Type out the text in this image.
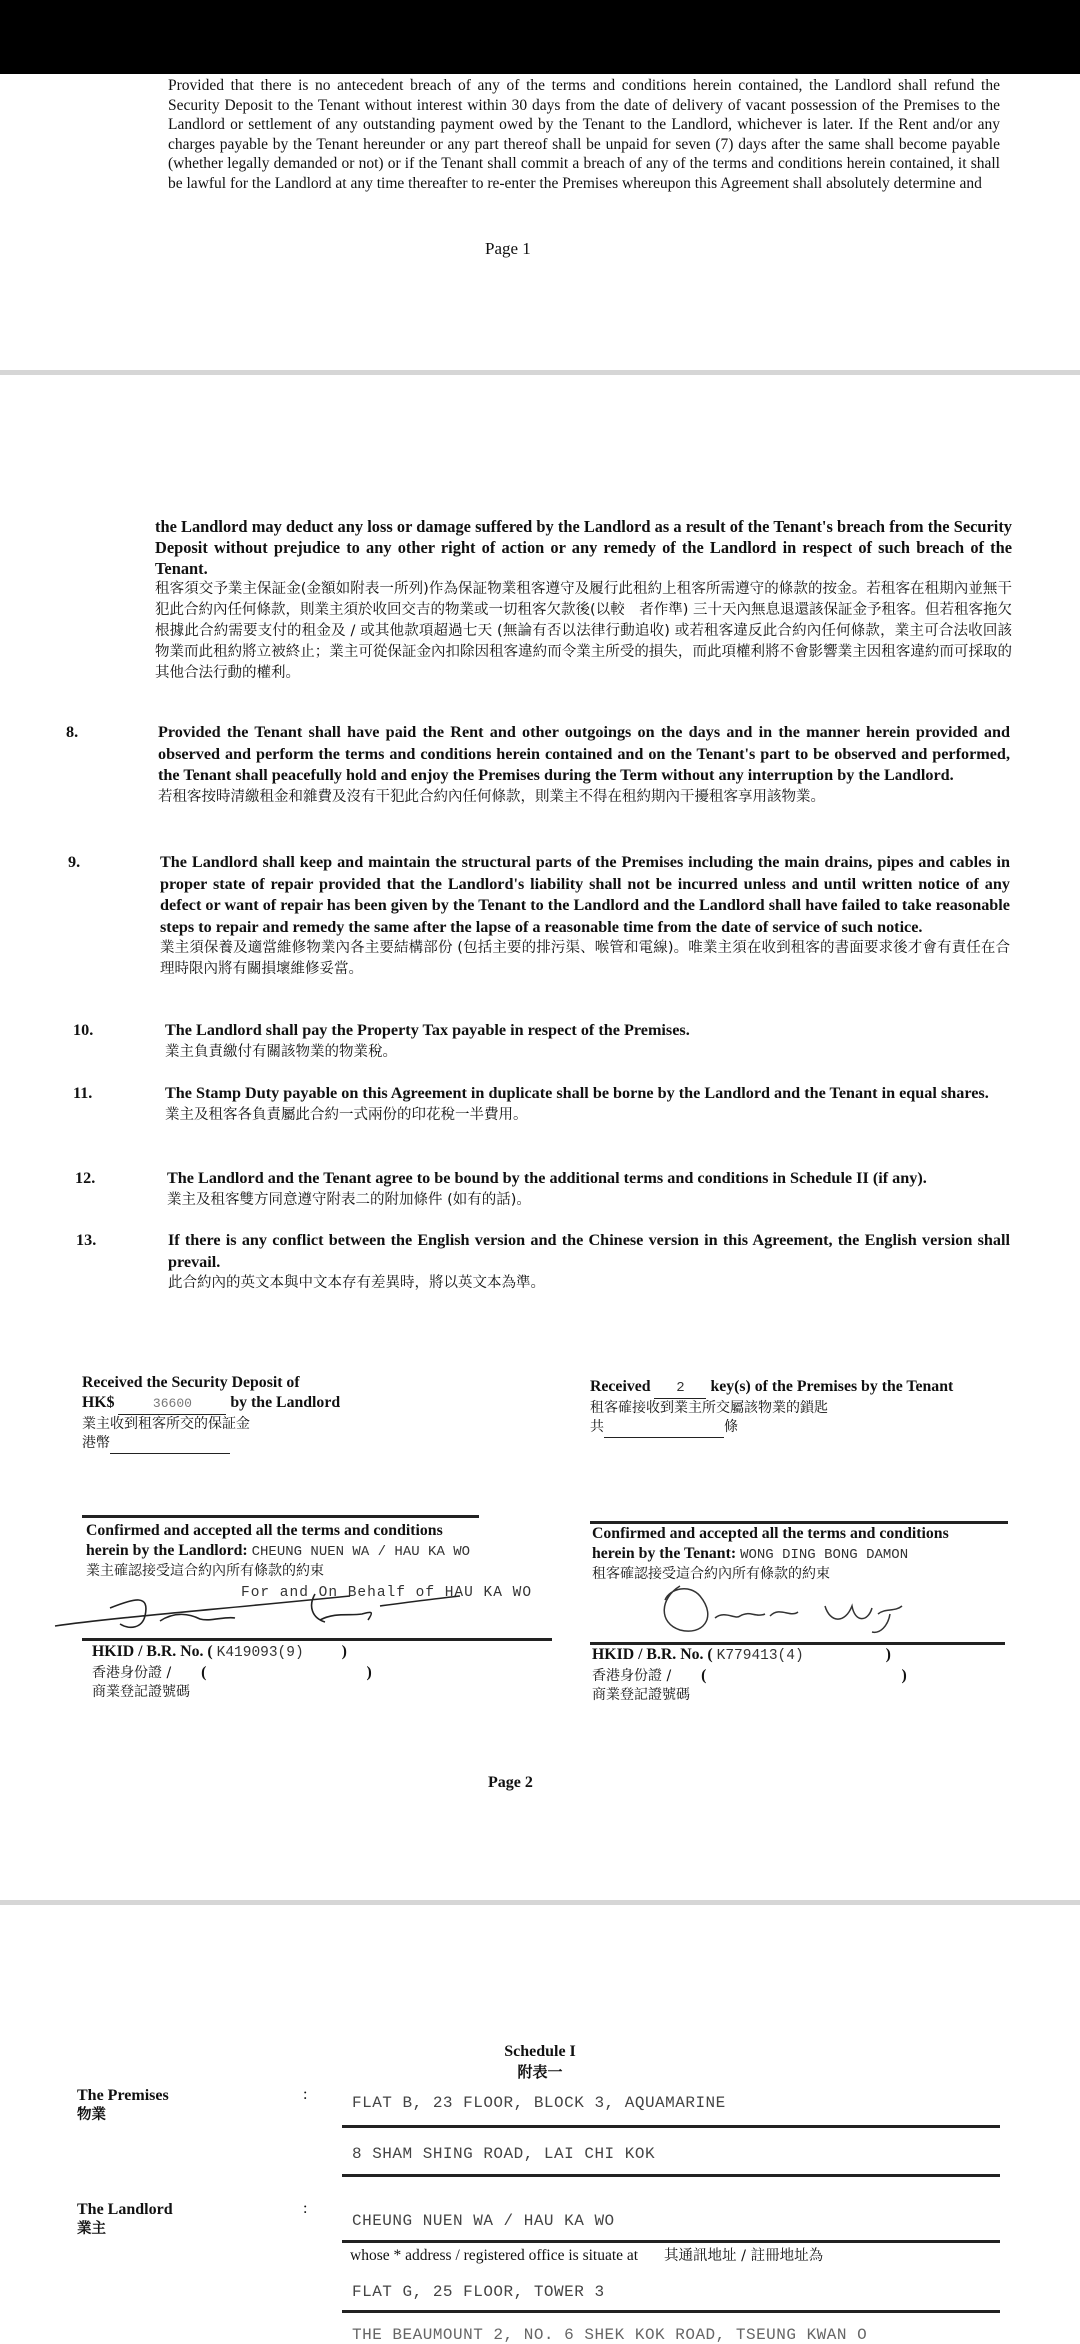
Provided that there is no antecedent breach of any of the terms and conditions herein contained, the Landlord shall refund the Security Deposit to the Tenant without interest within 30 days from the date of delivery of vacant possession of the Premises to the Landlord or settlement of any outstanding payment owed by the Tenant to the Landlord, whichever is later. If the Rent and/or any charges payable by the Tenant hereunder or any part thereof shall be unpaid for seven (7) days after the same shall become payable (whether legally demanded or not) or if the Tenant shall commit a breach of any of the terms and conditions herein contained, it shall be lawful for the Landlord at any time thereafter to re-enter the Premises whereupon this Agreement shall absolutely determine and
Page 1
the Landlord may deduct any loss or damage suffered by the Landlord as a result of the Tenant's breach from the Security Deposit without prejudice to any other right of action or any remedy of the Landlord in respect of such breach of the Tenant.
租客須交予業主保証金(金額如附表一所列)作為保証物業租客遵守及履行此租約上租客所需遵守的條款的按金。若租客在租期內並無干犯此合約內任何條款，則業主須於收回交吉的物業或一切租客欠款後(以較　者作準) 三十天內無息退還該保証金予租客。但若租客拖欠根據此合約需要支付的租金及 / 或其他款項超過七天 (無論有否以法律行動追收) 或若租客違反此合約內任何條款，業主可合法收回該物業而此租約將立被終止；業主可從保証金內扣除因租客違約而令業主所受的損失，而此項權利將不會影響業主因租客違約而可採取的其他合法行動的權利。
8.	Provided the Tenant shall have paid the Rent and other outgoings on the days and in the manner herein provided and observed and perform the terms and conditions herein contained and on the Tenant's part to be observed and performed, the Tenant shall peacefully hold and enjoy the Premises during the Term without any interruption by the Landlord.
若租客按時清繳租金和雜費及沒有干犯此合約內任何條款，則業主不得在租約期內干擾租客享用該物業。
9.	The Landlord shall keep and maintain the structural parts of the Premises including the main drains, pipes and cables in proper state of repair provided that the Landlord's liability shall not be incurred unless and until written notice of any defect or want of repair has been given by the Tenant to the Landlord and the Landlord shall have failed to take reasonable steps to repair and remedy the same after the lapse of a reasonable time from the date of service of such notice.
業主須保養及適當維修物業內各主要結構部份 (包括主要的排污渠、喉管和電線)。唯業主須在收到租客的書面要求後才會有責任在合理時限內將有關損壞維修妥當。
10.	The Landlord shall pay the Property Tax payable in respect of the Premises.
業主負責繳付有關該物業的物業稅。
11.	The Stamp Duty payable on this Agreement in duplicate shall be borne by the Landlord and the Tenant in equal shares.
業主及租客各負責屬此合約一式兩份的印花稅一半費用。
12.	The Landlord and the Tenant agree to be bound by the additional terms and conditions in Schedule II (if any).
業主及租客雙方同意遵守附表二的附加條件 (如有的話)。
13.	If there is any conflict between the English version and the Chinese version in this Agreement, the English version shall prevail.
此合約內的英文本與中文本存有差異時，將以英文本為準。
Received the Security Deposit of
HK$	36600 by the Landlord
業主收到租客所交的保証金
港幣
Received 2 key(s) of the Premises by the Tenant
租客確接收到業主所交屬該物業的鎖匙
共	條
Confirmed and accepted all the terms and conditions
herein by the Landlord: CHEUNG NUEN WA / HAU KA WO
業主確認接受這合約內所有條款的約束
For and On Behalf of HAU KA WO
HKID / B.R. No. ( K419093(9) )
香港身份證 / (	)
商業登記證號碼
Confirmed and accepted all the terms and conditions
herein by the Tenant: WONG DING BONG DAMON
租客確認接受這合約內所有條款的約束
HKID / B.R. No. ( K779413(4)	)
香港身份證 / (	)
商業登記證號碼
Page 2
Schedule I
附表一
The Premises
物業
:	FLAT B, 23 FLOOR, BLOCK 3, AQUAMARINE
8 SHAM SHING ROAD, LAI CHI KOK
The Landlord
業主
:
CHEUNG NUEN WA / HAU KA WO
whose * address / registered office is situate at 其通訊地址 / 註冊地址為
FLAT G, 25 FLOOR, TOWER 3
THE BEAUMOUNT 2, NO. 6 SHEK KOK ROAD, TSEUNG KWAN O
